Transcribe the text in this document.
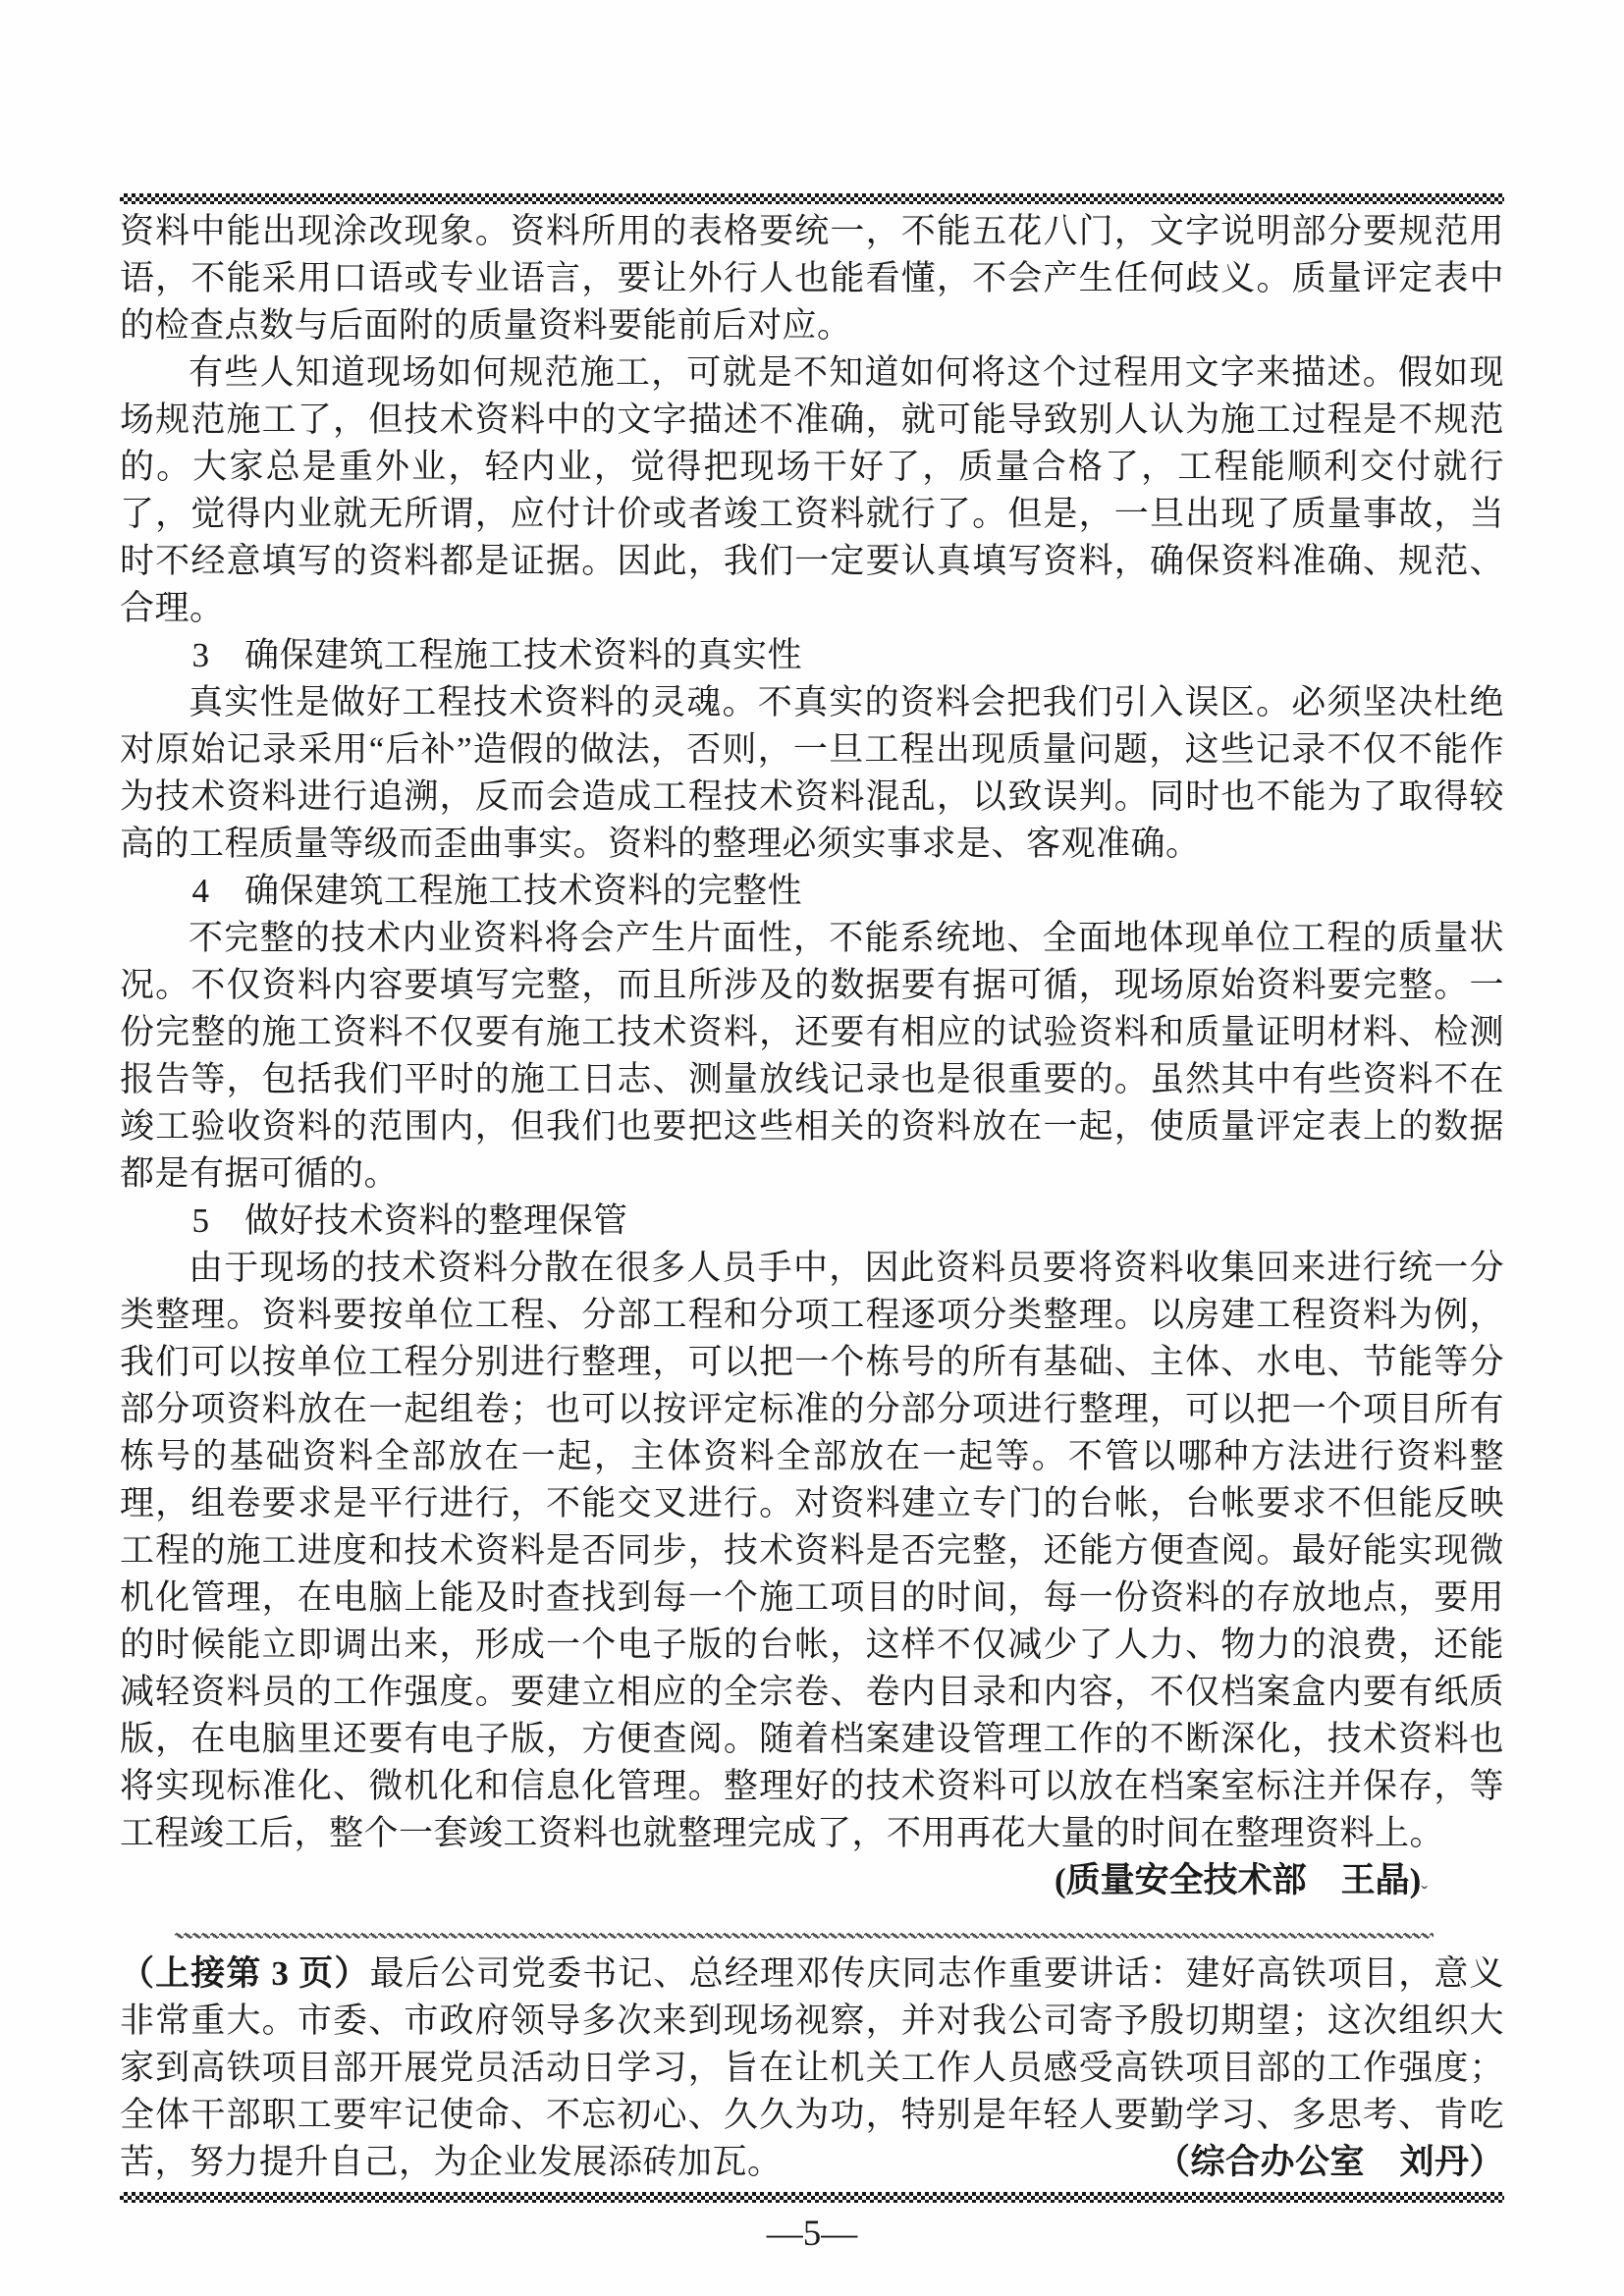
资料中能出现涂改现象。资料所用的表格要统一，不能五花八门，文字说明部分要规范用语，不能采用口语或专业语言，要让外行人也能看懂，不会产生任何歧义。质量评定表中的检查点数与后面附的质量资料要能前后对应。

有些人知道现场如何规范施工，可就是不知道如何将这个过程用文字来描述。假如现场规范施工了，但技术资料中的文字描述不准确，就可能导致别人认为施工过程是不规范的。大家总是重外业，轻内业，觉得把现场干好了，质量合格了，工程能顺利交付就行了，觉得内业就无所谓，应付计价或者竣工资料就行了。但是，一旦出现了质量事故，当时不经意填写的资料都是证据。因此，我们一定要认真填写资料，确保资料准确、规范、合理。

3　确保建筑工程施工技术资料的真实性

真实性是做好工程技术资料的灵魂。不真实的资料会把我们引入误区。必须坚决杜绝对原始记录采用“后补”造假的做法，否则，一旦工程出现质量问题，这些记录不仅不能作为技术资料进行追溯，反而会造成工程技术资料混乱，以致误判。同时也不能为了取得较高的工程质量等级而歪曲事实。资料的整理必须实事求是、客观准确。

4　确保建筑工程施工技术资料的完整性

不完整的技术内业资料将会产生片面性，不能系统地、全面地体现单位工程的质量状况。不仅资料内容要填写完整，而且所涉及的数据要有据可循，现场原始资料要完整。一份完整的施工资料不仅要有施工技术资料，还要有相应的试验资料和质量证明材料、检测报告等，包括我们平时的施工日志、测量放线记录也是很重要的。虽然其中有些资料不在竣工验收资料的范围内，但我们也要把这些相关的资料放在一起，使质量评定表上的数据都是有据可循的。

5　做好技术资料的整理保管

由于现场的技术资料分散在很多人员手中，因此资料员要将资料收集回来进行统一分类整理。资料要按单位工程、分部工程和分项工程逐项分类整理。以房建工程资料为例，我们可以按单位工程分别进行整理，可以把一个栋号的所有基础、主体、水电、节能等分部分项资料放在一起组卷；也可以按评定标准的分部分项进行整理，可以把一个项目所有栋号的基础资料全部放在一起，主体资料全部放在一起等。不管以哪种方法进行资料整理，组卷要求是平行进行，不能交叉进行。对资料建立专门的台帐，台帐要求不但能反映工程的施工进度和技术资料是否同步，技术资料是否完整，还能方便查阅。最好能实现微机化管理，在电脑上能及时查找到每一个施工项目的时间，每一份资料的存放地点，要用的时候能立即调出来，形成一个电子版的台帐，这样不仅减少了人力、物力的浪费，还能减轻资料员的工作强度。要建立相应的全宗卷、卷内目录和内容，不仅档案盒内要有纸质版，在电脑里还要有电子版，方便查阅。随着档案建设管理工作的不断深化，技术资料也将实现标准化、微机化和信息化管理。整理好的技术资料可以放在档案室标注并保存，等工程竣工后，整个一套竣工资料也就整理完成了，不用再花大量的时间在整理资料上。

(质量安全技术部　王晶)$_ˇ$

（上接第 3 页）最后公司党委书记、总经理邓传庆同志作重要讲话：建好高铁项目，意义非常重大。市委、市政府领导多次来到现场视察，并对我公司寄予殷切期望；这次组织大家到高铁项目部开展党员活动日学习，旨在让机关工作人员感受高铁项目部的工作强度；全体干部职工要牢记使命、不忘初心、久久为功，特别是年轻人要勤学习、多思考、肯吃苦，努力提升自己，为企业发展添砖加瓦。	（综合办公室　刘丹）

—5—
